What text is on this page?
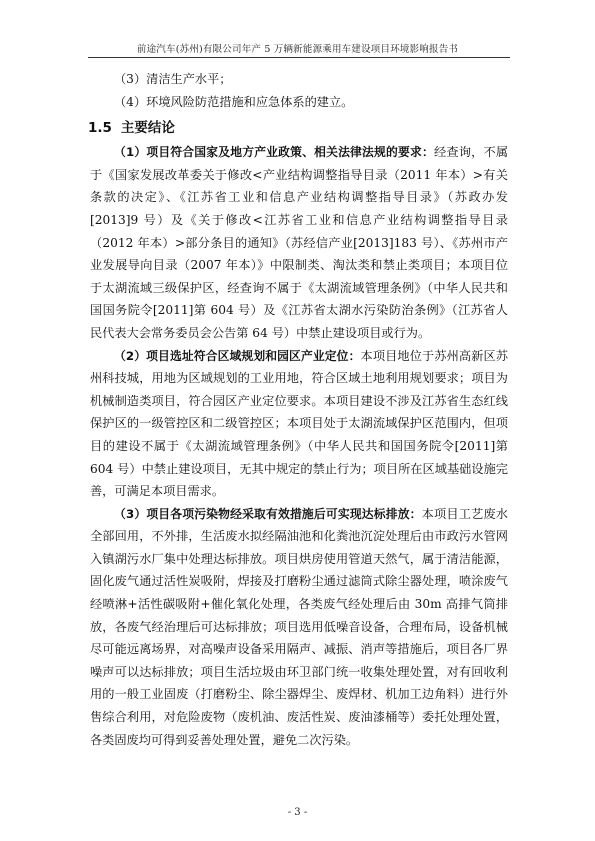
前途汽车(苏州)有限公司年产 5 万辆新能源乘用车建设项目环境影响报告书

（3）清洁生产水平；

（4）环境风险防范措施和应急体系的建立。

1.5 主要结论

（1）项目符合国家及地方产业政策、相关法律法规的要求：经查询，不属于《国家发展改革委关于修改<产业结构调整指导目录（2011 年本）>有关条款的决定》、《江苏省工业和信息产业结构调整指导目录》（苏政办发[2013]9 号）及《关于修改<江苏省工业和信息产业结构调整指导目录（2012 年本）>部分条目的通知》（苏经信产业[2013]183 号）、《苏州市产业发展导向目录（2007 年本）》中限制类、淘汰类和禁止类项目；本项目位于太湖流域三级保护区，经查询不属于《太湖流域管理条例》（中华人民共和国国务院令[2011]第 604 号）及《江苏省太湖水污染防治条例》（江苏省人民代表大会常务委员会公告第 64 号）中禁止建设项目或行为。

（2）项目选址符合区域规划和园区产业定位：本项目地位于苏州高新区苏州科技城，用地为区域规划的工业用地，符合区域土地利用规划要求；项目为机械制造类项目，符合园区产业定位要求。本项目建设不涉及江苏省生态红线保护区的一级管控区和二级管控区；本项目处于太湖流域保护区范围内，但项目的建设不属于《太湖流域管理条例》（中华人民共和国国务院令[2011]第 604 号）中禁止建设项目，无其中规定的禁止行为；项目所在区域基础设施完善，可满足本项目需求。

（3）项目各项污染物经采取有效措施后可实现达标排放：本项目工艺废水全部回用，不外排，生活废水拟经隔油池和化粪池沉淀处理后由市政污水管网入镇湖污水厂集中处理达标排放。项目烘房使用管道天然气，属于清洁能源，固化废气通过活性炭吸附，焊接及打磨粉尘通过滤筒式除尘器处理，喷涂废气经喷淋+活性碳吸附+催化氧化处理，各类废气经处理后由 30m 高排气筒排放，各废气经治理后可达标排放；项目选用低噪音设备，合理布局，设备机械尽可能远离场界，对高噪声设备采用隔声、减振、消声等措施后，项目各厂界噪声可以达标排放；项目生活垃圾由环卫部门统一收集处理处置，对有回收利用的一般工业固废（打磨粉尘、除尘器焊尘、废焊材、机加工边角料）进行外售综合利用，对危险废物（废机油、废活性炭、废油漆桶等）委托处理处置，各类固废均可得到妥善处理处置，避免二次污染。

- 3 -
